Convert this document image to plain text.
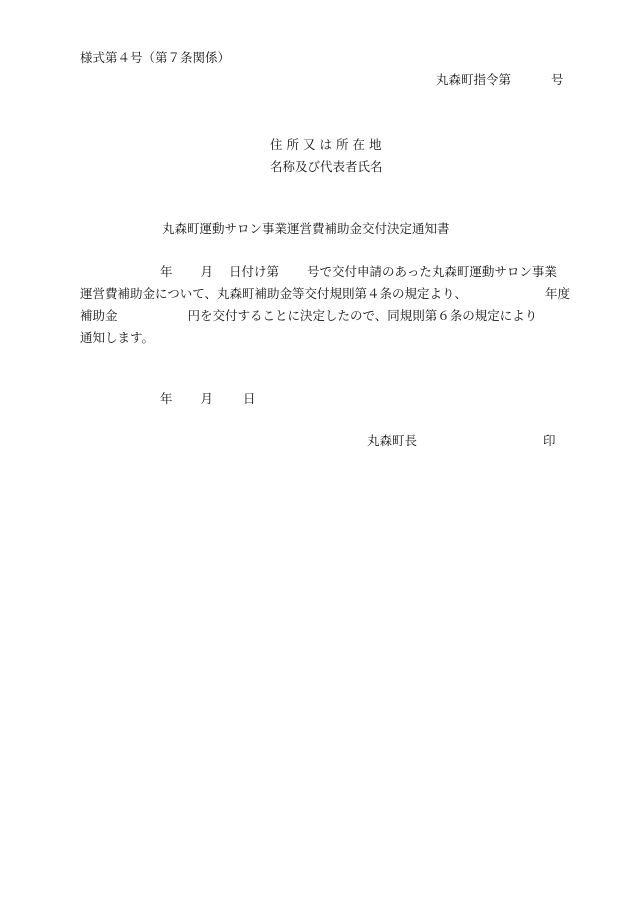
様式第４号（第７条関係）
丸森町指令第	号
住所又は所在地
名称及び代表者氏名
丸森町運動サロン事業運営費補助金交付決定通知書
年 月 日付け第 号で交付申請のあった丸森町運動サロン事業
運営費補助金について、丸森町補助金等交付規則第４条の規定より、	年度
補助金	円を交付することに決定したので、同規則第６条の規定により
通知します。
年 月 日
丸森町長	印
